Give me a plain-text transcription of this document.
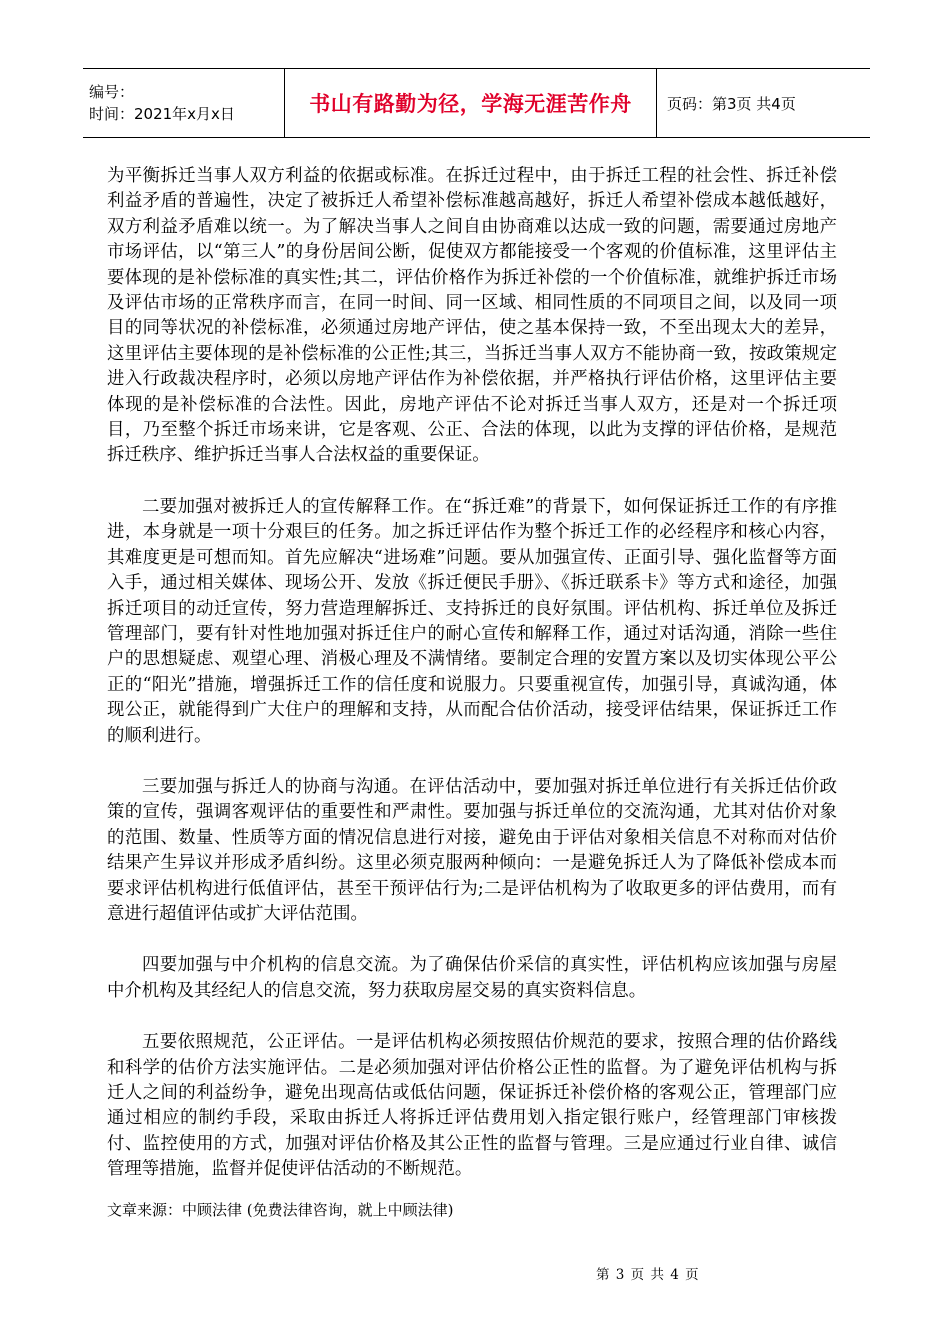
编号：
时间：2021年x月x日	书山有路勤为径，学海无涯苦作舟 页码：第3页 共4页

为平衡拆迁当事人双方利益的依据或标准。在拆迁过程中，由于拆迁工程的社会性、拆迁补偿利益矛盾的普遍性，决定了被拆迁人希望补偿标准越高越好，拆迁人希望补偿成本越低越好，双方利益矛盾难以统一。为了解决当事人之间自由协商难以达成一致的问题，需要通过房地产市场评估，以“第三人”的身份居间公断，促使双方都能接受一个客观的价值标准，这里评估主要体现的是补偿标准的真实性;其二，评估价格作为拆迁补偿的一个价值标准，就维护拆迁市场及评估市场的正常秩序而言，在同一时间、同一区域、相同性质的不同项目之间，以及同一项目的同等状况的补偿标准，必须通过房地产评估，使之基本保持一致，不至出现太大的差异，这里评估主要体现的是补偿标准的公正性;其三，当拆迁当事人双方不能协商一致，按政策规定进入行政裁决程序时，必须以房地产评估作为补偿依据，并严格执行评估价格，这里评估主要体现的是补偿标准的合法性。因此，房地产评估不论对拆迁当事人双方，还是对一个拆迁项目，乃至整个拆迁市场来讲，它是客观、公正、合法的体现，以此为支撑的评估价格，是规范拆迁秩序、维护拆迁当事人合法权益的重要保证。

二要加强对被拆迁人的宣传解释工作。在“拆迁难”的背景下，如何保证拆迁工作的有序推进，本身就是一项十分艰巨的任务。加之拆迁评估作为整个拆迁工作的必经程序和核心内容，其难度更是可想而知。首先应解决“进场难”问题。要从加强宣传、正面引导、强化监督等方面入手，通过相关媒体、现场公开、发放《拆迁便民手册》、《拆迁联系卡》等方式和途径，加强拆迁项目的动迁宣传，努力营造理解拆迁、支持拆迁的良好氛围。评估机构、拆迁单位及拆迁管理部门，要有针对性地加强对拆迁住户的耐心宣传和解释工作，通过对话沟通，消除一些住户的思想疑虑、观望心理、消极心理及不满情绪。要制定合理的安置方案以及切实体现公平公正的“阳光”措施，增强拆迁工作的信任度和说服力。只要重视宣传，加强引导，真诚沟通，体现公正，就能得到广大住户的理解和支持，从而配合估价活动，接受评估结果，保证拆迁工作的顺利进行。

三要加强与拆迁人的协商与沟通。在评估活动中，要加强对拆迁单位进行有关拆迁估价政策的宣传，强调客观评估的重要性和严肃性。要加强与拆迁单位的交流沟通，尤其对估价对象的范围、数量、性质等方面的情况信息进行对接，避免由于评估对象相关信息不对称而对估价结果产生异议并形成矛盾纠纷。这里必须克服两种倾向：一是避免拆迁人为了降低补偿成本而要求评估机构进行低值评估，甚至干预评估行为;二是评估机构为了收取更多的评估费用，而有意进行超值评估或扩大评估范围。

四要加强与中介机构的信息交流。为了确保估价采信的真实性，评估机构应该加强与房屋中介机构及其经纪人的信息交流，努力获取房屋交易的真实资料信息。

五要依照规范，公正评估。一是评估机构必须按照估价规范的要求，按照合理的估价路线和科学的估价方法实施评估。二是必须加强对评估价格公正性的监督。为了避免评估机构与拆迁人之间的利益纷争，避免出现高估或低估问题，保证拆迁补偿价格的客观公正，管理部门应通过相应的制约手段，采取由拆迁人将拆迁评估费用划入指定银行账户，经管理部门审核拨付、监控使用的方式，加强对评估价格及其公正性的监督与管理。三是应通过行业自律、诚信管理等措施，监督并促使评估活动的不断规范。

文章来源：中顾法律 (免费法律咨询，就上中顾法律)
第 3 页 共 4 页
